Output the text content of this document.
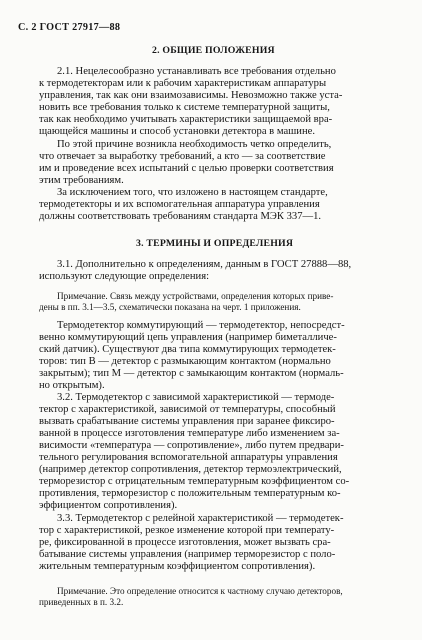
С. 2 ГОСТ 27917—88
2. ОБЩИЕ ПОЛОЖЕНИЯ
2.1. Нецелесообразно устанавливать все требования отдельно
к термодетекторам или к рабочим характеристикам аппаратуры
управления, так как они взаимозависимы. Невозможно также уста-
новить все требования только к системе температурной защиты,
так как необходимо учитывать характеристики защищаемой вра-
щающейся машины и способ установки детектора в машине.
По этой причине возникла необходимость четко определить,
что отвечает за выработку требований, а кто — за соответствие
им и проведение всех испытаний с целью проверки соответствия
этим требованиям.
За исключением того, что изложено в настоящем стандарте,
термодетекторы и их вспомогательная аппаратура управления
должны соответствовать требованиям стандарта МЭК 337—1.
3. ТЕРМИНЫ И ОПРЕДЕЛЕНИЯ
3.1. Дополнительно к определениям, данным в ГОСТ 27888—88,
используют следующие определения:
Примечание. Связь между устройствами, определения которых приве-
дены в пп. 3.1—3.5, схематически показана на черт. 1 приложения.
Термодетектор коммутирующий — термодетектор, непосредст-
венно коммутирующий цепь управления (например биметалличе-
ский датчик). Существуют два типа коммутирующих термодетек-
торов: тип В — детектор с размыкающим контактом (нормально
закрытым); тип М — детектор с замыкающим контактом (нормаль-
но открытым).
3.2. Термодетектор с зависимой характеристикой — термоде-
тектор с характеристикой, зависимой от температуры, способный
вызвать срабатывание системы управления при заранее фиксиро-
ванной в процессе изготовления температуре либо изменением за-
висимости «температура — сопротивление», либо путем предвари-
тельного регулирования вспомогательной аппаратуры управления
(например детектор сопротивления, детектор термоэлектрический,
терморезистор с отрицательным температурным коэффициентом со-
противления, терморезистор с положительным температурным ко-
эффициентом сопротивления).
3.3. Термодетектор с релейной характеристикой — термодетек-
тор с характеристикой, резкое изменение которой при температу-
ре, фиксированной в процессе изготовления, может вызвать сра-
батывание системы управления (например терморезистор с поло-
жительным температурным коэффициентом сопротивления).
Примечание. Это определение относится к частному случаю детекторов,
приведенных в п. 3.2.
